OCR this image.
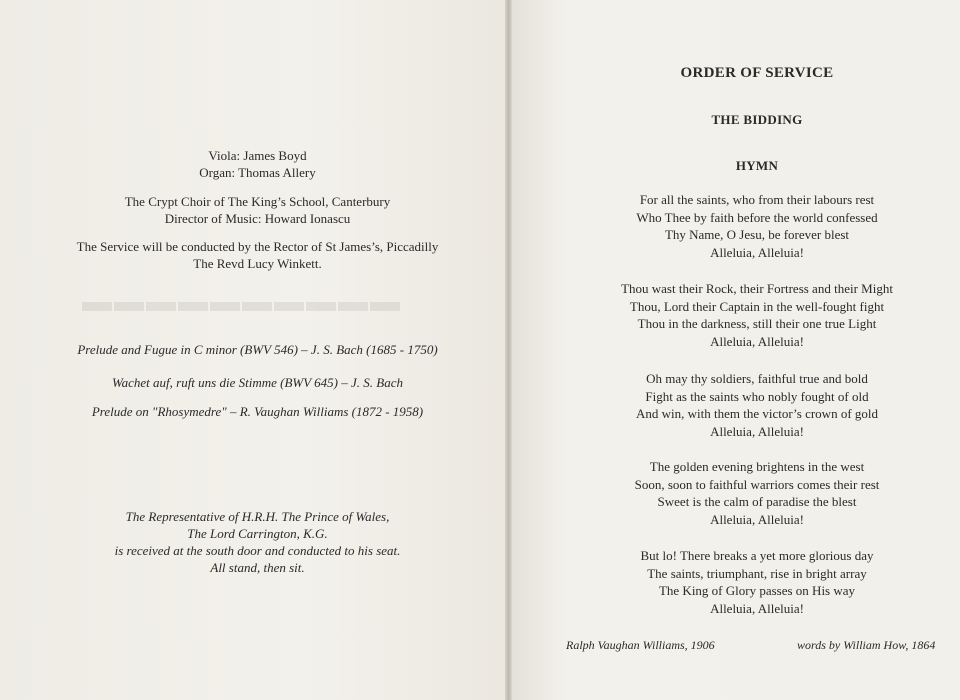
▬▬▬▬▬▬▬▬▬▬

Viola: James Boyd

Organ: Thomas Allery

The Crypt Choir of The King’s School, Canterbury

Director of Music: Howard Ionascu

The Service will be conducted by the Rector of St James’s, Piccadilly

The Revd Lucy Winkett.

Prelude and Fugue in C minor (BWV 546) – J. S. Bach (1685 - 1750)
Wachet auf, ruft uns die Stimme (BWV 645) – J. S. Bach
Prelude on "Rhosymedre" – R. Vaughan Williams (1872 - 1958)

The Representative of H.R.H. The Prince of Wales,

The Lord Carrington, K.G.

is received at the south door and conducted to his seat.

All stand, then sit.

ORDER OF SERVICE
THE BIDDING
HYMN

For all the saints, who from their labours rest

Who Thee by faith before the world confessed

Thy Name, O Jesu, be forever blest

Alleluia, Alleluia!

Thou wast their Rock, their Fortress and their Might

Thou, Lord their Captain in the well-fought fight

Thou in the darkness, still their one true Light

Alleluia, Alleluia!

Oh may thy soldiers, faithful true and bold

Fight as the saints who nobly fought of old

And win, with them the victor’s crown of gold

Alleluia, Alleluia!

The golden evening brightens in the west

Soon, soon to faithful warriors comes their rest

Sweet is the calm of paradise the blest

Alleluia, Alleluia!

But lo! There breaks a yet more glorious day

The saints, triumphant, rise in bright array

The King of Glory passes on His way

Alleluia, Alleluia!

Ralph Vaughan Williams, 1906	words by William How, 1864
